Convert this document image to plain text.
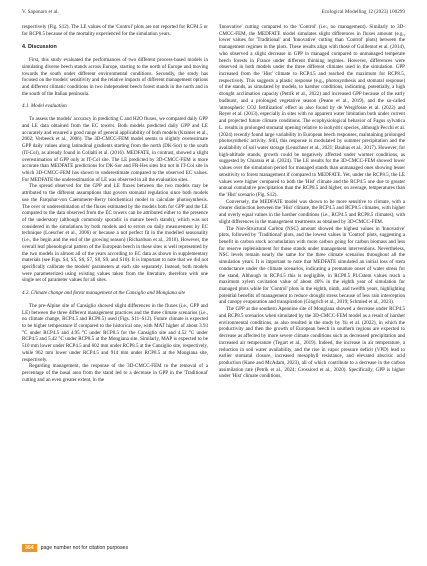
V. Saponaro et al.	Ecological Modelling 12 (2023) 100299

respectively (Fig. S12). The LE values of the 'Control' plots are not reported for RCP4.5 or for RCP8.5 because of the mortality experienced for the simulation years.

4. Discussion

First, this study evaluated the performances of two different process-based models in simulating diverse beech stands across Europe, starting to the north of Europe and moving towards the south under different environmental conditions. Secondly, the study has focused on the models' sensitivity and the relative impacts of different management options and different climatic conditions in two independent beech forest stands in the north and in the south of the Italian peninsula.

4.1. Model evaluation

To assess the models' accuracy in predicting C and H2O fluxes, we compared daily GPP and LE data obtained from the EC towers. Both models predicted daily GPP and LE accurately and ensured a good range of general applicability of both models (Kramer et al., 2002; Verbeeck et al., 2006). The 3D-CMCC-FEM model seems to slightly overestimate GPP daily values along latitudinal gradients starting from the north (DK-Sor) to the south (IT-Col), as already found in Collalti et al. (2016). MEDFATE, in contrast, showed a slight overestimation of GPP only at IT-Col site. The LE predicted by 3D-CMCC-FEM is more accurate than MEDFATE predictions for DK-Sor and FR-Hes sites but not in IT-Col site in which 3D-CMCC-FEM has shown to underestimate compared to the observed EC values. For MEDFATE the underestimation of LE was observed in all the evaluation sites.

The spread observed for the GPP and LE fluxes between the two models may be attributed to the different assumptions that govern stomatal regulation since both models use the Farquhar-von Caemmerer-Berry biochemical model to calculate photosynthesis. The over or underestimation of the fluxes estimated by the models both for GPP and the LE compared to the data observed from the EC towers can be attributed either to the presence of the understory (although commonly sporadic in mature beech stands), which was not considered in the simulations by both models and to errors on daily measurement by EC technique (Loescher et al., 2006) or because a not perfect fit in the modelled seasonality (i.e., the begin and the end of the growing season) (Richardson et al., 2010). However, the overall leaf phenological pattern of the European beech in these sites is well represented by the two models in almost all of the years according to EC data as shown in supplementary materials (see Figs. S4, S5, S6, S7, S8, S9, and S10). It is important to note that we did not specifically calibrate the models' parameters at each site separately. Instead, both models were parameterized using existing values taken from the literature, therefore with one single set of parameter values for all sites.

4.2. Climate change and forest management at the Cansiglio and Mongiana site

The pre-Alpine site of Cansiglio showed slight differences in the fluxes (i.e., GPP and LE) between the three different management practices and the three climate scenarios (i.e., no climate change, RCP4.5 and RCP8.5) used (Figs. S11–S12). Future climate is expected to be higher temperature if compared to the historical one, with MAT higher of about 3.93 °C under RCP4.5 and 4.95 °C under RCP8.5 for the Cansiglio site and 4.52 °C under RCP4.5 and 5.42 °C under RCP8.5 at the Mongiana site. Similarly, MAP is expected to be 510 mm lower under RCP4.5 and 602 mm under RCP8.5 at the Cansiglio site, respectively, while 962 mm lower under RCP4.5 and 914 mm under RCP8.5 at the Mongiana site, respectively.

Regarding management, the response of the 3D-CMCC-FEM to the removal of a percentage of the basal area from the stand led to a decrease in GPP in the 'Traditional' cutting and an even greater extent, in the

'Innovative' cutting compared to the 'Control' (i.e., no management). Similarly to 3D-CMCC-FEM, the MEDFATE model simulates slight differences in fluxes amount (e.g., lower values for 'Traditional' and 'Innovative' cutting than 'Control' plots) between the management regimes in the plots. These results align with those of Guillemot et al. (2014), who observed a slight decrease in GPP in managed compared to unmanaged temperate beech forests in France under different thinning regimes. However, differences were observed in both models under the three different climates used in the simulation. GPP increased from the 'Hist' climate to RCP4.5 and reached the maximum for RCP8.5, respectively. This suggests a plastic response (e.g., photosynthesis and stomatal response) of the stands, as simulated by models, to harsher conditions, indicating, potentially, a high drought acclimation capacity (Petrík et al., 2022) and increased GPP because of the early budburst, and a prolonged vegetative season (Peano et al., 2019), and the so-called 'atmospheric CO2 fertilization' effect as also found by de Wergifosse et al. (2022) and Reyer et al. (2013), especially in sites with no apparent water limitation both under current and projected future climate conditions. The ecophysiological behavior of Fagus sylvatica L. results in prolonged stomatal opening relative to isohydric species, although Pecchi et al. (2024) recently found large variability in European beech responses, maintaining prolonged photosynthetic activity. Still, this response is modulated by summer precipitation and the availability of soil water storage (Leuschner et al., 2021; Bauhus et al., 2017). However, for high-altitude stands, growth could be negatively affected under warmer conditions, as suggested by Chiaraia et al. (2024). The LE results for the 3D-CMCC-FEM showed lower values over the simulation period for managed stands than unmanaged ones showing lesser sensitivity to forest management if compared to MEDFATE. Yet, under the RCP8.5, the LE values were higher compared to both the 'Hist' climate and the RCP4.5 one due to greater annual cumulative precipitation than the RCP8.5 and higher, on average, temperatures than the 'Hist' scenario (Fig. S12).

Conversely, the MEDFATE model was shown to be more sensitive to climate, with a clearer distinction between the 'Hist' climate, the RCP4.5 and RCP8.5 climates, with higher and overly equal values in the harsher conditions (i.e., RCP4.5 and RCP8.5 climates), with slight differences in the management treatments as obtained by 3D-CMCC-FEM.

The Non-Structural Carbon (NSC) amount showed the highest values in 'Innovative' plots, followed by 'Traditional' plots, and the lowest values in 'Control' plots, suggesting a benefit in carbon stock accumulation with more carbon going for carbon biomass and less for reserve replenishment for those stands under management interventions. Nevertheless, NSC levels remain nearly the same for the three climate scenarios throughout all the simulation years. It is important to note that MEDFATE simulated an initial loss of stem conductance under the climate scenarios, indicating a premature onset of water stress for the stand. Although in RCP4.5 this is negligible, in RCP8.5 PLCstem values reach a maximum xylem cavitation value of about 40% in the eighth year of simulation for managed plots while for 'Control' plots in the eighth, ninth, and twelfth years, highlighting potential benefits of management to reduce drought stress because of less rain interception and canopy evaporation and transpiration (Gingrich et al., 2019; Schmied et al., 2023).

The GPP at the southern Apennine site of Mongiana showed a decrease under RCP4.5 and RCP8.5 scenarios when simulated by the 3D-CMCC-FEM model as a result of harsher environmental conditions, as also resulted in the study by Yu et al. (2022), in which the productivity and then the growth of European beech in southern regions are expected to decrease as affected by more severe climate conditions such as decreased precipitation and increased air temperature (Tegart et al., 2019). Indeed, the increase in air temperature, a reduction in soil water availability, and the rise in vapor pressure deficit (VPD) lead to earlier stomatal closure, increased mesophyll resistance, and elevated abscisic acid production (Kane and McAdam, 2023), all of which contribute to a decrease in the carbon assimilation rate (Petrik et al., 2024; Grossiord et al., 2020). Specifically, GPP is higher under 'Hist' climate conditions,

354	page number not for citation purposes
